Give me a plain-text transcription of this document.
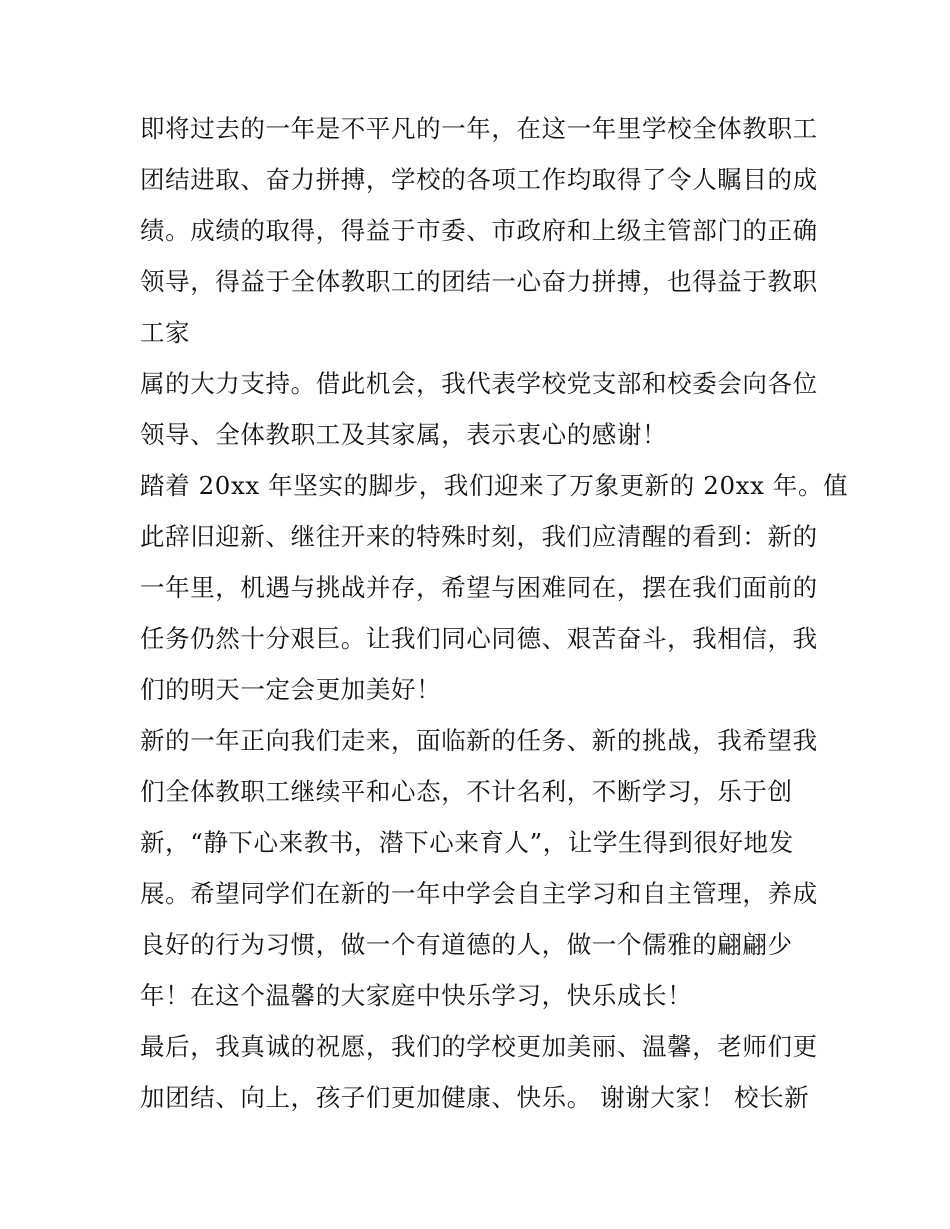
即将过去的一年是不平凡的一年，在这一年里学校全体教职工
团结进取、奋力拼搏，学校的各项工作均取得了令人瞩目的成
绩。成绩的取得，得益于市委、市政府和上级主管部门的正确
领导，得益于全体教职工的团结一心奋力拼搏，也得益于教职
工家
属的大力支持。借此机会，我代表学校党支部和校委会向各位
领导、全体教职工及其家属，表示衷心的感谢！
踏着 20xx 年坚实的脚步，我们迎来了万象更新的 20xx 年。值
此辞旧迎新、继往开来的特殊时刻，我们应清醒的看到：新的
一年里，机遇与挑战并存，希望与困难同在，摆在我们面前的
任务仍然十分艰巨。让我们同心同德、艰苦奋斗，我相信，我
们的明天一定会更加美好！
新的一年正向我们走来，面临新的任务、新的挑战，我希望我
们全体教职工继续平和心态，不计名利，不断学习，乐于创
新，“静下心来教书，潜下心来育人”，让学生得到很好地发
展。希望同学们在新的一年中学会自主学习和自主管理，养成
良好的行为习惯，做一个有道德的人，做一个儒雅的翩翩少
年！在这个温馨的大家庭中快乐学习，快乐成长！
最后，我真诚的祝愿，我们的学校更加美丽、温馨，老师们更
加团结、向上，孩子们更加健康、快乐。 谢谢大家！ 校长新
